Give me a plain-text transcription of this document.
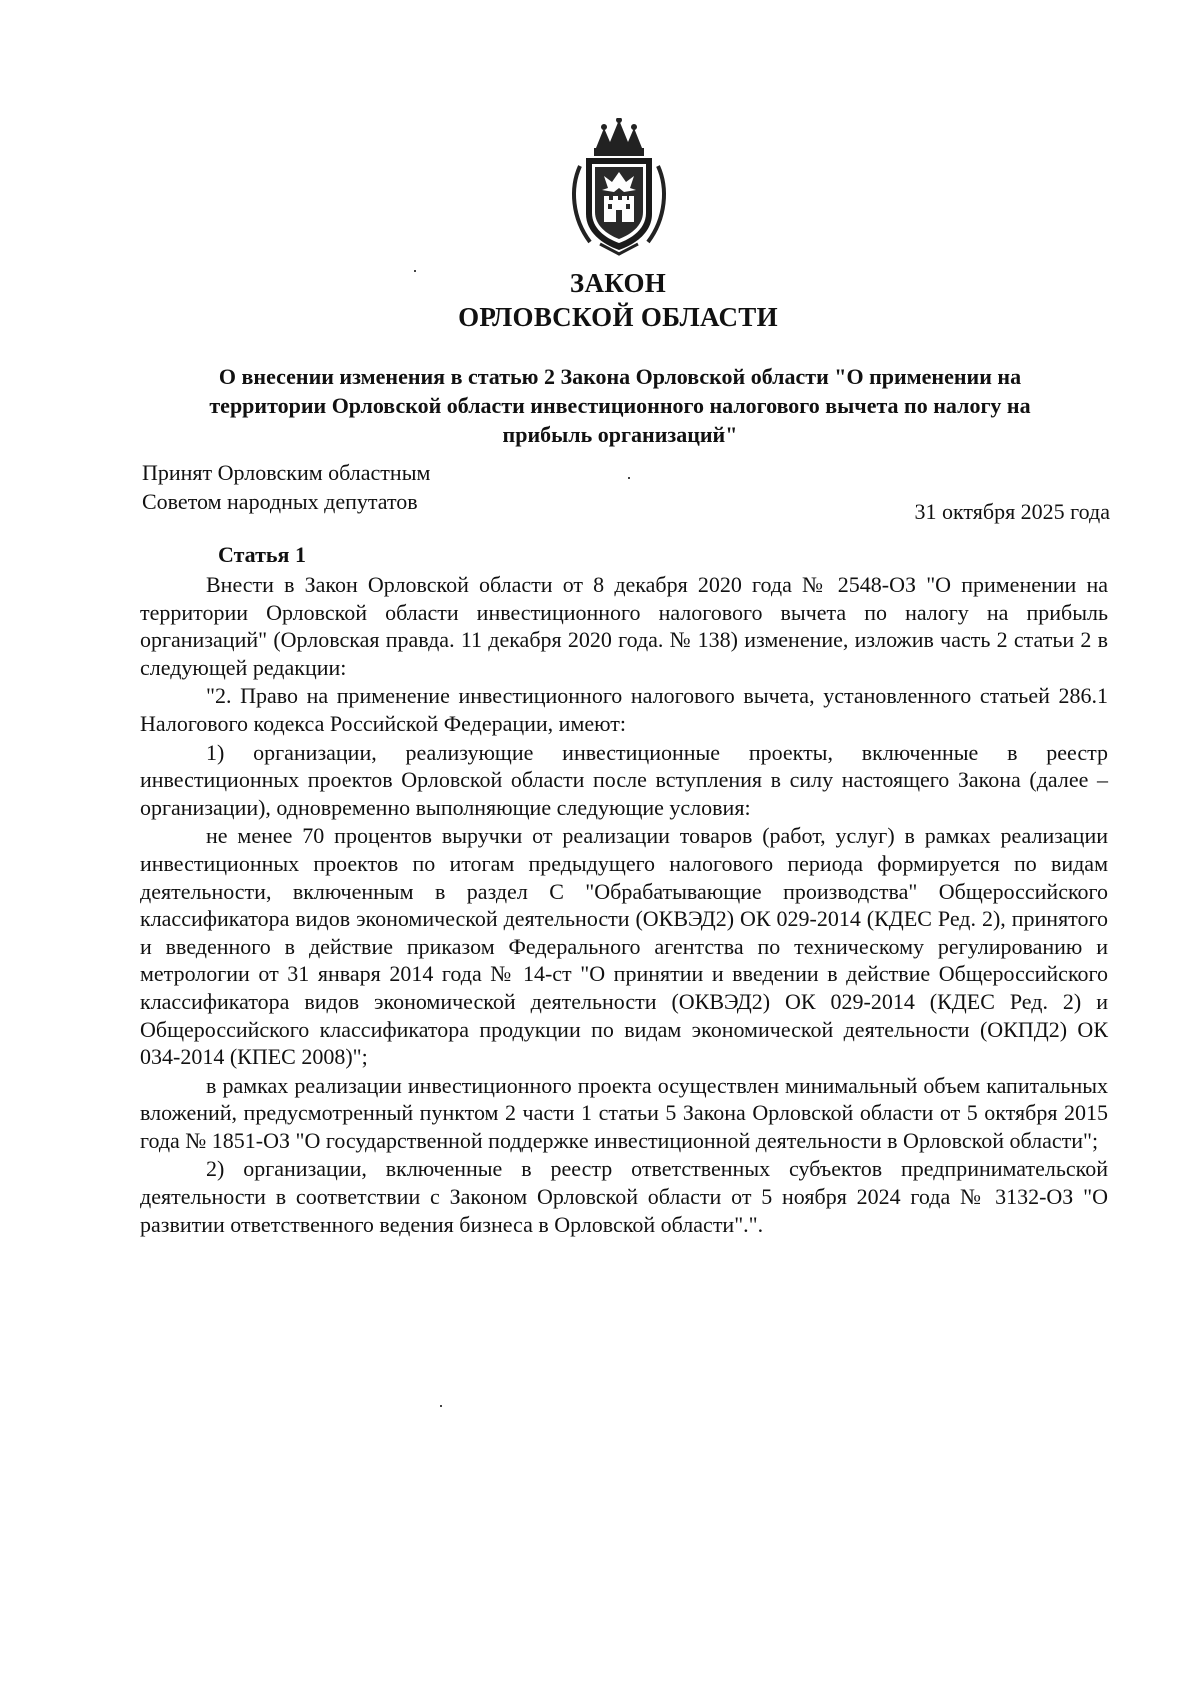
ЗАКОН
ОРЛОВСКОЙ ОБЛАСТИ
О внесении изменения в статью 2 Закона Орловской области "О применении на территории Орловской области инвестиционного налогового вычета по налогу на прибыль организаций"
Принят Орловским областным
Советом народных депутатов	31 октября 2025 года
Статья 1

Внести в Закон Орловской области от 8 декабря 2020 года № 2548-ОЗ "О применении на территории Орловской области инвестиционного налогового вычета по налогу на прибыль организаций" (Орловская правда. 11 декабря 2020 года. № 138) изменение, изложив часть 2 статьи 2 в следующей редакции:

"2. Право на применение инвестиционного налогового вычета, установленного статьей 286.1 Налогового кодекса Российской Федерации, имеют:

1) организации, реализующие инвестиционные проекты, включенные в реестр инвестиционных проектов Орловской области после вступления в силу настоящего Закона (далее – организации), одновременно выполняющие следующие условия:

не менее 70 процентов выручки от реализации товаров (работ, услуг) в рамках реализации инвестиционных проектов по итогам предыдущего налогового периода формируется по видам деятельности, включенным в раздел C "Обрабатывающие производства" Общероссийского классификатора видов экономической деятельности (ОКВЭД2) ОК 029-2014 (КДЕС Ред. 2), принятого и введенного в действие приказом Федерального агентства по техническому регулированию и метрологии от 31 января 2014 года № 14-ст "О принятии и введении в действие Общероссийского классификатора видов экономической деятельности (ОКВЭД2) ОК 029-2014 (КДЕС Ред. 2) и Общероссийского классификатора продукции по видам экономической деятельности (ОКПД2) ОК 034-2014 (КПЕС 2008)";

в рамках реализации инвестиционного проекта осуществлен минимальный объем капитальных вложений, предусмотренный пунктом 2 части 1 статьи 5 Закона Орловской области от 5 октября 2015 года № 1851-ОЗ "О государственной поддержке инвестиционной деятельности в Орловской области";

2) организации, включенные в реестр ответственных субъектов предпринимательской деятельности в соответствии с Законом Орловской области от 5 ноября 2024 года № 3132-ОЗ "О развитии ответственного ведения бизнеса в Орловской области".".
